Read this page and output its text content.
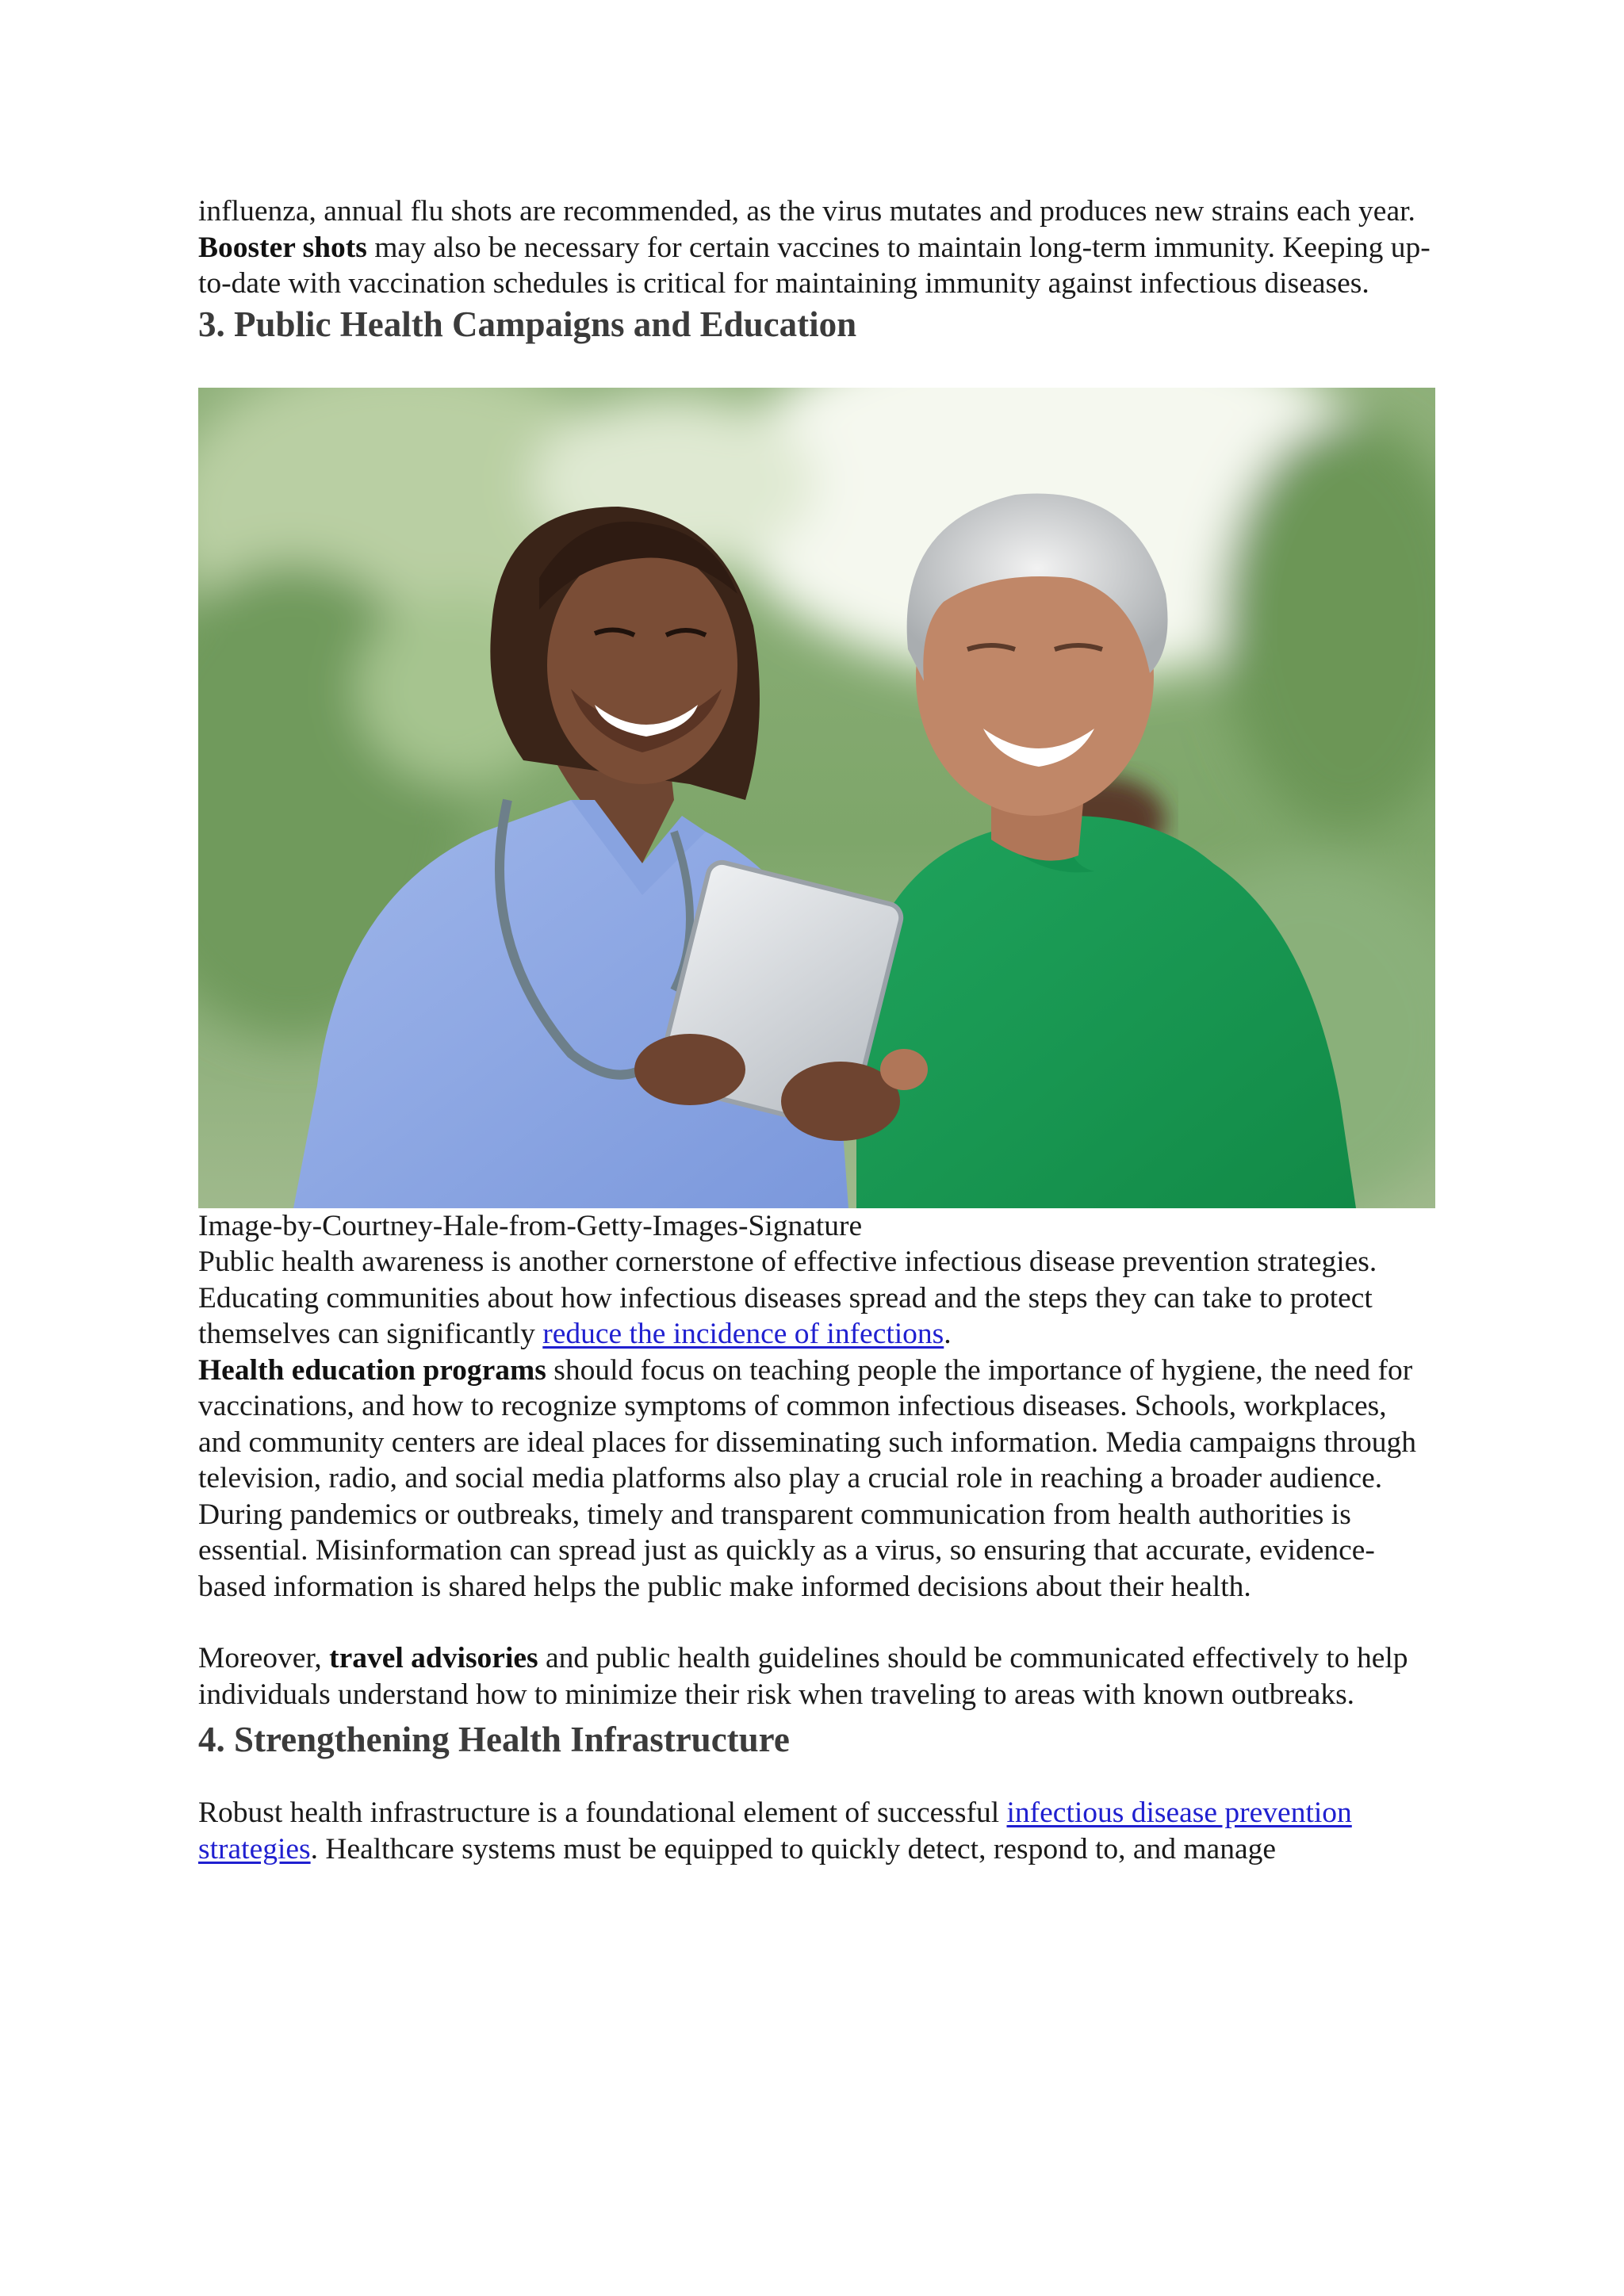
influenza, annual flu shots are recommended, as the virus mutates and produces new strains each year.

Booster shots may also be necessary for certain vaccines to maintain long-term immunity. Keeping up-to-date with vaccination schedules is critical for maintaining immunity against infectious diseases.

3. Public Health Campaigns and Education

Image-by-Courtney-Hale-from-Getty-Images-Signature

Public health awareness is another cornerstone of effective infectious disease prevention strategies. Educating communities about how infectious diseases spread and the steps they can take to protect themselves can significantly reduce the incidence of infections.

Health education programs should focus on teaching people the importance of hygiene, the need for vaccinations, and how to recognize symptoms of common infectious diseases. Schools, workplaces, and community centers are ideal places for disseminating such information. Media campaigns through television, radio, and social media platforms also play a crucial role in reaching a broader audience.

During pandemics or outbreaks, timely and transparent communication from health authorities is essential. Misinformation can spread just as quickly as a virus, so ensuring that accurate, evidence-based information is shared helps the public make informed decisions about their health.

Moreover, travel advisories and public health guidelines should be communicated effectively to help individuals understand how to minimize their risk when traveling to areas with known outbreaks.

4. Strengthening Health Infrastructure

Robust health infrastructure is a foundational element of successful infectious disease prevention strategies. Healthcare systems must be equipped to quickly detect, respond to, and manage
